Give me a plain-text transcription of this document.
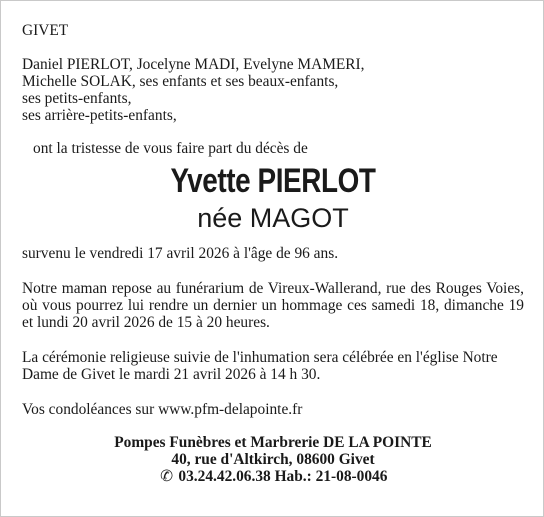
GIVET

Daniel PIERLOT, Jocelyne MADI, Evelyne MAMERI,

Michelle SOLAK, ses enfants et ses beaux-enfants,

ses petits-enfants,

ses arrière-petits-enfants,

ont la tristesse de vous faire part du décès de

Yvette PIERLOT

née MAGOT

survenu le vendredi 17 avril 2026 à l'âge de 96 ans.

Notre maman repose au funérarium de Vireux-Wallerand, rue des Rouges Voies, où vous pourrez lui rendre un dernier un hommage ces samedi 18, dimanche 19 et lundi 20 avril 2026 de 15 à 20 heures.

La cérémonie religieuse suivie de l'inhumation sera célébrée en l'église Notre Dame de Givet le mardi 21 avril 2026 à 14 h 30.

Vos condoléances sur www.pfm-delapointe.fr

Pompes Funèbres et Marbrerie DE LA POINTE

40, rue d'Altkirch, 08600 Givet

✆ 03.24.42.06.38 Hab.: 21-08-0046
